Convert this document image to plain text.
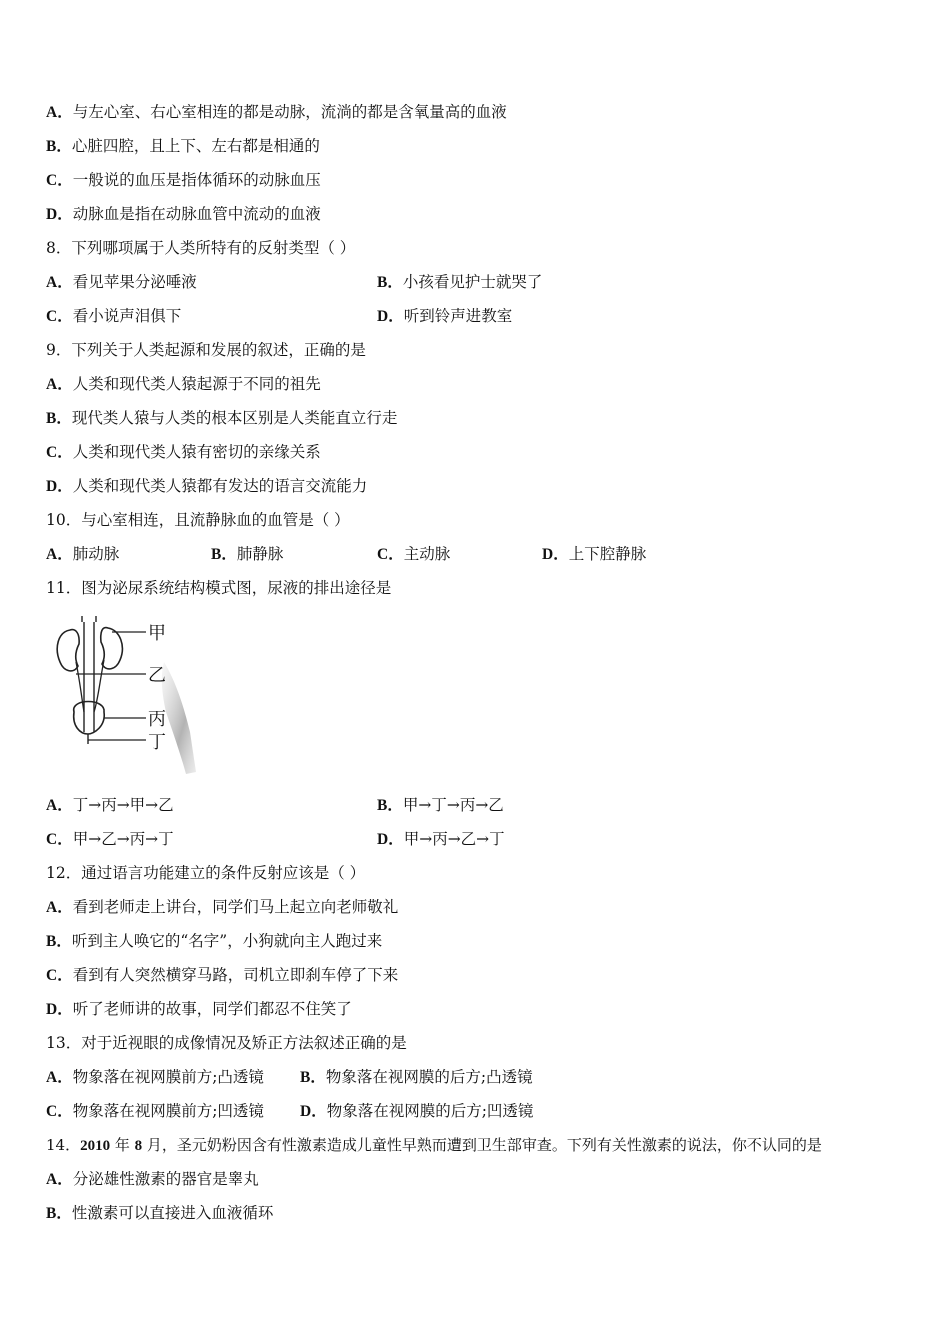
A．与左心室、右心室相连的都是动脉，流淌的都是含氧量高的血液
B．心脏四腔，且上下、左右都是相通的
C．一般说的血压是指体循环的动脉血压
D．动脉血是指在动脉血管中流动的血液
8．下列哪项属于人类所特有的反射类型（ ）
A．看见苹果分泌唾液	B．小孩看见护士就哭了
C．看小说声泪俱下	D．听到铃声进教室
9．下列关于人类起源和发展的叙述，正确的是
A．人类和现代类人猿起源于不同的祖先
B．现代类人猿与人类的根本区别是人类能直立行走
C．人类和现代类人猿有密切的亲缘关系
D．人类和现代类人猿都有发达的语言交流能力
10．与心室相连，且流静脉血的血管是（ ）
A．肺动脉	B．肺静脉	C．主动脉	D．上下腔静脉
11．图为泌尿系统结构模式图，尿液的排出途径是
甲
乙
丙
丁
A．丁→丙→甲→乙	B．甲→丁→丙→乙
C．甲→乙→丙→丁	D．甲→丙→乙→丁
12．通过语言功能建立的条件反射应该是（ ）
A．看到老师走上讲台，同学们马上起立向老师敬礼
B．听到主人唤它的“名字”，小狗就向主人跑过来
C．看到有人突然横穿马路，司机立即刹车停了下来
D．听了老师讲的故事，同学们都忍不住笑了
13．对于近视眼的成像情况及矫正方法叙述正确的是
A．物象落在视网膜前方;凸透镜 B．物象落在视网膜的后方;凸透镜
C．物象落在视网膜前方;凹透镜 D．物象落在视网膜的后方;凹透镜
14．2010 年 8 月，圣元奶粉因含有性激素造成儿童性早熟而遭到卫生部审查。下列有关性激素的说法，你不认同的是
A．分泌雄性激素的器官是睾丸
B．性激素可以直接进入血液循环
